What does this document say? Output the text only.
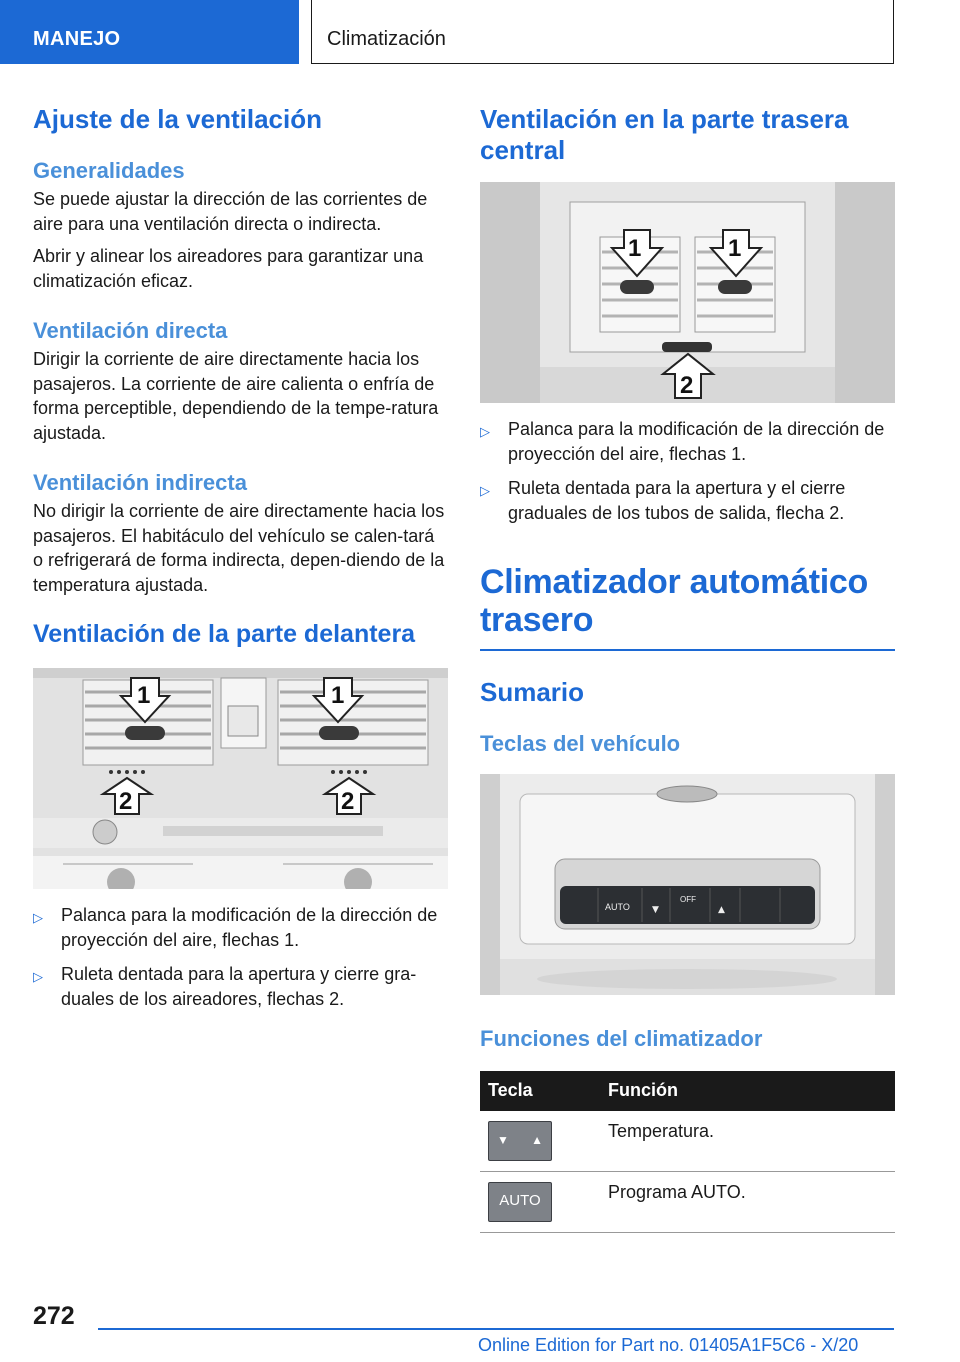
MANEJO	Climatización
Ajuste de la ventilación
Generalidades

Se puede ajustar la dirección de las corrientes de aire para una ventilación directa o indirecta.

Abrir y alinear los aireadores para garantizar una climatización eficaz.

Ventilación directa

Dirigir la corriente de aire directamente hacia los pasajeros. La corriente de aire calienta o enfría de forma perceptible, dependiendo de la tempe-ratura ajustada.

Ventilación indirecta

No dirigir la corriente de aire directamente hacia los pasajeros. El habitáculo del vehículo se calen-tará o refrigerará de forma indirecta, depen-diendo de la temperatura ajustada.

Ventilación de la parte delantera
1	1
2	2
▷ Palanca para la modificación de la dirección de proyección del aire, flechas 1.
▷ Ruleta dentada para la apertura y cierre gra-duales de los aireadores, flechas 2.
Ventilación en la parte trasera central
1	1
2
▷ Palanca para la modificación de la dirección de proyección del aire, flechas 1.
▷ Ruleta dentada para la apertura y el cierre graduales de los tubos de salida, flecha 2.
Climatizador automático trasero
Sumario
Teclas del vehículo
AUTO
OFF
▼	▲
Funciones del climatizador
Tecla	Función

▼ ▲	Temperatura.

AUTO	Programa AUTO.
272
Online Edition for Part no. 01405A1F5C6 - X/20
